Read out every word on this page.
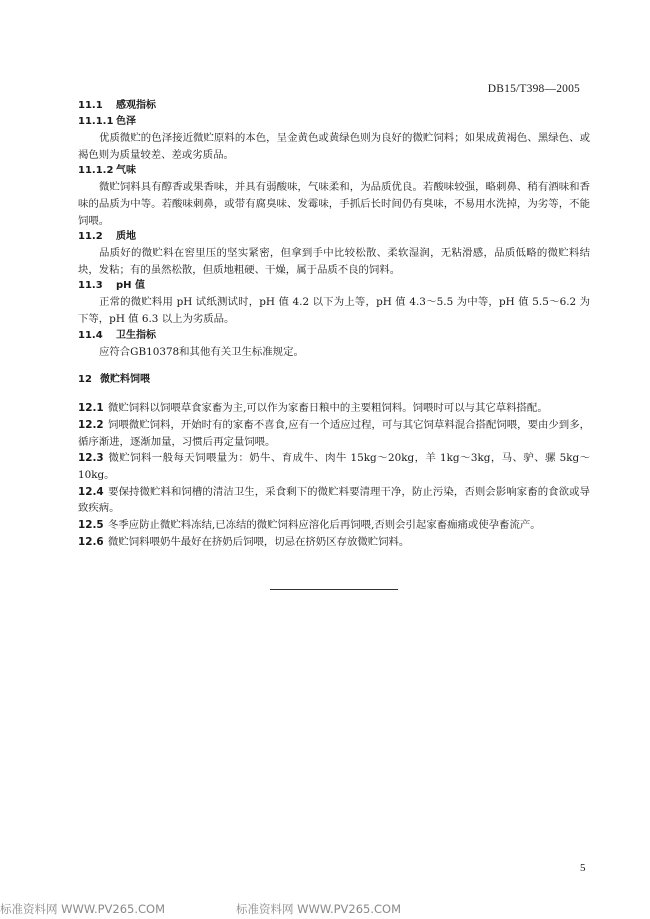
DB15/T398—2005

11.1 感观指标

11.1.1 色泽

优质微贮的色泽接近微贮原料的本色，呈金黄色或黄绿色则为良好的微贮饲料；如果成黄褐色、黑绿色、或褐色则为质量较差、差或劣质品。

11.1.2 气味

微贮饲料具有醇香或果香味，并具有弱酸味，气味柔和，为品质优良。若酸味较强，略刺鼻、稍有酒味和香味的品质为中等。若酸味刺鼻，或带有腐臭味、发霉味，手抓后长时间仍有臭味，不易用水洗掉，为劣等，不能饲喂。

11.2 质地

品质好的微贮料在窖里压的坚实紧密，但拿到手中比较松散、柔软湿润，无粘滑感，品质低略的微贮料结块，发粘；有的虽然松散，但质地粗硬、干燥，属于品质不良的饲料。

11.3 pH 值

正常的微贮料用 pH 试纸测试时，pH 值 4.2 以下为上等，pH 值 4.3～5.5 为中等，pH 值 5.5～6.2 为下等，pH 值 6.3 以上为劣质品。

11.4 卫生指标

应符合GB10378和其他有关卫生标准规定。

12 微贮料饲喂

12.1 微贮饲料以饲喂草食家畜为主,可以作为家畜日粮中的主要粗饲料。饲喂时可以与其它草料搭配。

12.2 饲喂微贮饲料，开始时有的家畜不喜食,应有一个适应过程，可与其它饲草料混合搭配饲喂，要由少到多，循序渐进，逐渐加量，习惯后再定量饲喂。

12.3 微贮饲料一般每天饲喂量为：奶牛、育成牛、肉牛 15kg～20kg，羊 1kg～3kg，马、驴、骡 5kg～10kg。

12.4 要保持微贮料和饲槽的清洁卫生，采食剩下的微贮料要清理干净，防止污染，否则会影响家畜的食欲或导致疾病。

12.5 冬季应防止微贮料冻结,已冻结的微贮饲料应溶化后再饲喂,否则会引起家畜痂痛或使孕畜流产。

12.6 微贮饲料喂奶牛最好在挤奶后饲喂，切忌在挤奶区存放微贮饲料。

5
标准资料网 WWW.PV265.COM	标准资料网 WWW.PV265.COM
